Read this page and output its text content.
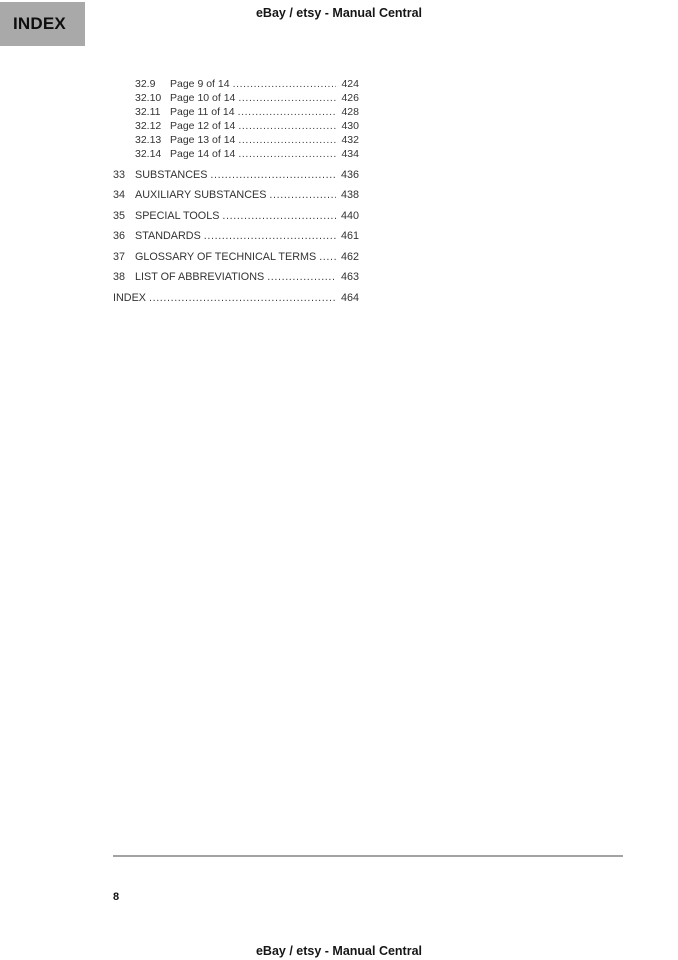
INDEX
eBay / etsy - Manual Central
32.9	Page 9 of 14 .....	424
32.10 Page 10 of 14 .....	426
32.11 Page 11 of 14 .....	428
32.12 Page 12 of 14 .....	430
32.13 Page 13 of 14 .....	432
32.14 Page 14 of 14 .....	434
33 SUBSTANCES .....	436
34 AUXILIARY SUBSTANCES .....	438
35 SPECIAL TOOLS .....	440
36 STANDARDS .....	461
37 GLOSSARY OF TECHNICAL TERMS ..... 462
38 LIST OF ABBREVIATIONS .....	463
INDEX .....	464
8
eBay / etsy - Manual Central
